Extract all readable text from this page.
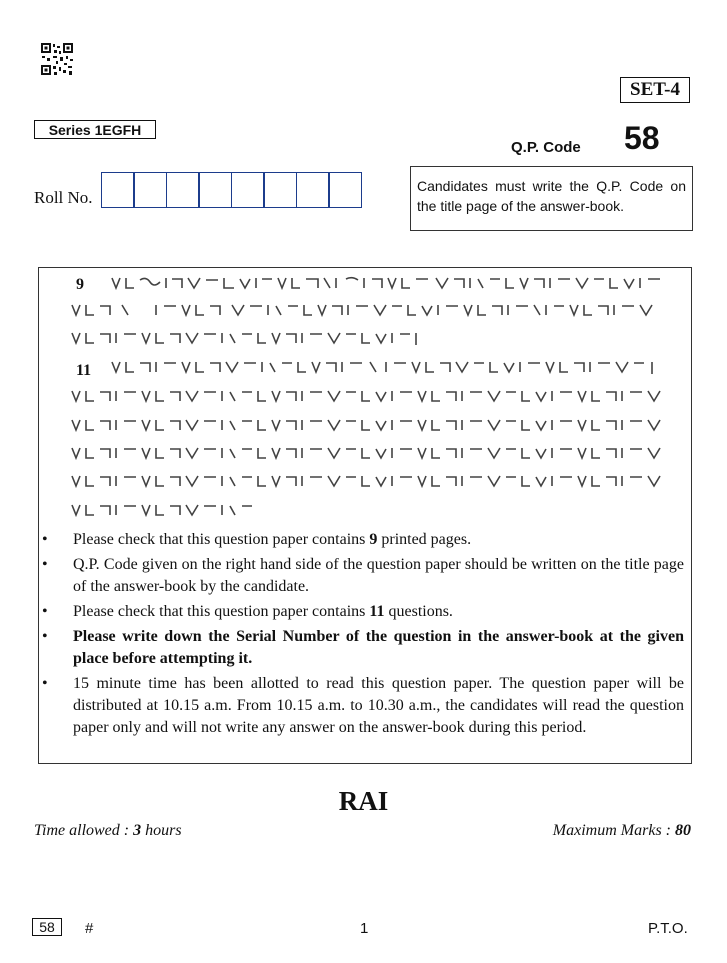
SET-4
Series 1EGFH
Q.P. Code 58
Roll No.
Candidates must write the Q.P. Code on the title page of the answer-book.
9
11
•	Please check that this question paper contains 9 printed pages.
•	Q.P. Code given on the right hand side of the question paper should be written on the title page of the answer-book by the candidate.
•	Please check that this question paper contains 11 questions.
•	Please write down the Serial Number of the question in the answer-book at the given place before attempting it.
•	15 minute time has been allotted to read this question paper. The question paper will be distributed at 10.15 a.m. From 10.15 a.m. to 10.30 a.m., the candidates will read the question paper only and will not write any answer on the answer-book during this period.
RAI
Time allowed : 3 hours	Maximum Marks : 80
58	#	1	P.T.O.
